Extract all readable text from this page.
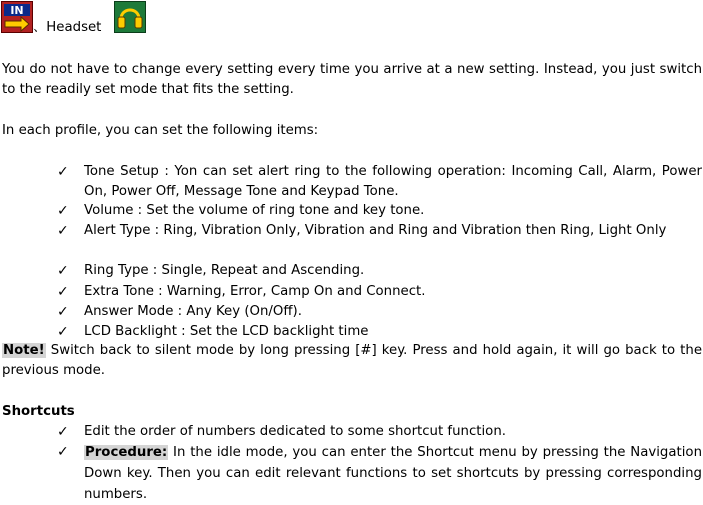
IN
、Headset
You do not have to change every setting every time you arrive at a new setting. Instead, you just switch to the readily set mode that fits the setting.
In each profile, you can set the following items:
✓ Tone Setup : Yon can set alert ring to the following operation: Incoming Call, Alarm, Power On, Power Off, Message Tone and Keypad Tone.
✓ Volume : Set the volume of ring tone and key tone.
✓ Alert Type : Ring, Vibration Only, Vibration and Ring and Vibration then Ring, Light Only
✓ Ring Type : Single, Repeat and Ascending.
✓ Extra Tone : Warning, Error, Camp On and Connect.
✓ Answer Mode : Any Key (On/Off).
✓ LCD Backlight : Set the LCD backlight time
Note! Switch back to silent mode by long pressing [#] key. Press and hold again, it will go back to the previous mode.
Shortcuts
✓ Edit the order of numbers dedicated to some shortcut function.
✓ Procedure: In the idle mode, you can enter the Shortcut menu by pressing the Navigation Down key. Then you can edit relevant functions to set shortcuts by pressing corresponding numbers.
